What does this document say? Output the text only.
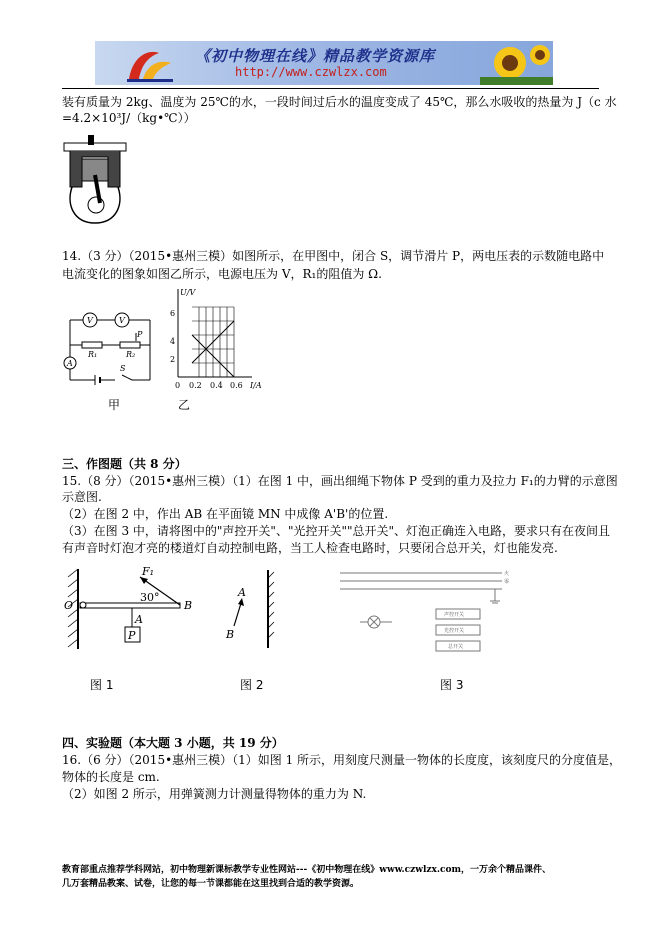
《初中物理在线》精品教学资源库
http://www.czwlzx.com
装有质量为 2kg、温度为 25℃的水，一段时间过后水的温度变成了 45℃，那么水吸收的热量为 J（c 水
=4.2×10³J/（kg•℃））
14.（3 分）（2015•惠州三模）如图所示，在甲图中，闭合 S，调节滑片 P，两电压表的示数随电路中
电流变化的图象如图乙所示，电源电压为 V，R₁的阻值为 Ω.
V	V
P
R₁	R₂
A
S
甲
U/V
6
4
2
0 0.2 0.4 0.6 I/A
乙
三、作图题（共 8 分）
15.（8 分）（2015•惠州三模）（1）在图 1 中，画出细绳下物体 P 受到的重力及拉力 F₁的力臂的示意图
示意图.
（2）在图 2 中，作出 AB 在平面镜 MN 中成像 A'B'的位置.
（3）在图 3 中，请将图中的"声控开关"、"光控开关""总开关"、灯泡正确连入电路，要求只有在夜间且
有声音时灯泡才亮的楼道灯自动控制电路，当工人检查电路时，只要闭合总开关，灯也能发亮.
F₁
30°
O	B
A
P
图 1
A
B
图 2
火
零
声控开关
光控开关
总开关
图 3
四、实验题（本大题 3 小题，共 19 分）
16.（6 分）（2015•惠州三模）（1）如图 1 所示，用刻度尺测量一物体的长度度，该刻度尺的分度值是，
物体的长度是 cm.
（2）如图 2 所示，用弹簧测力计测量得物体的重力为 N.
教育部重点推荐学科网站，初中物理新课标教学专业性网站---《初中物理在线》www.czwlzx.com，一万余个精品课件、
几万套精品教案、试卷，让您的每一节课都能在这里找到合适的教学资源。
